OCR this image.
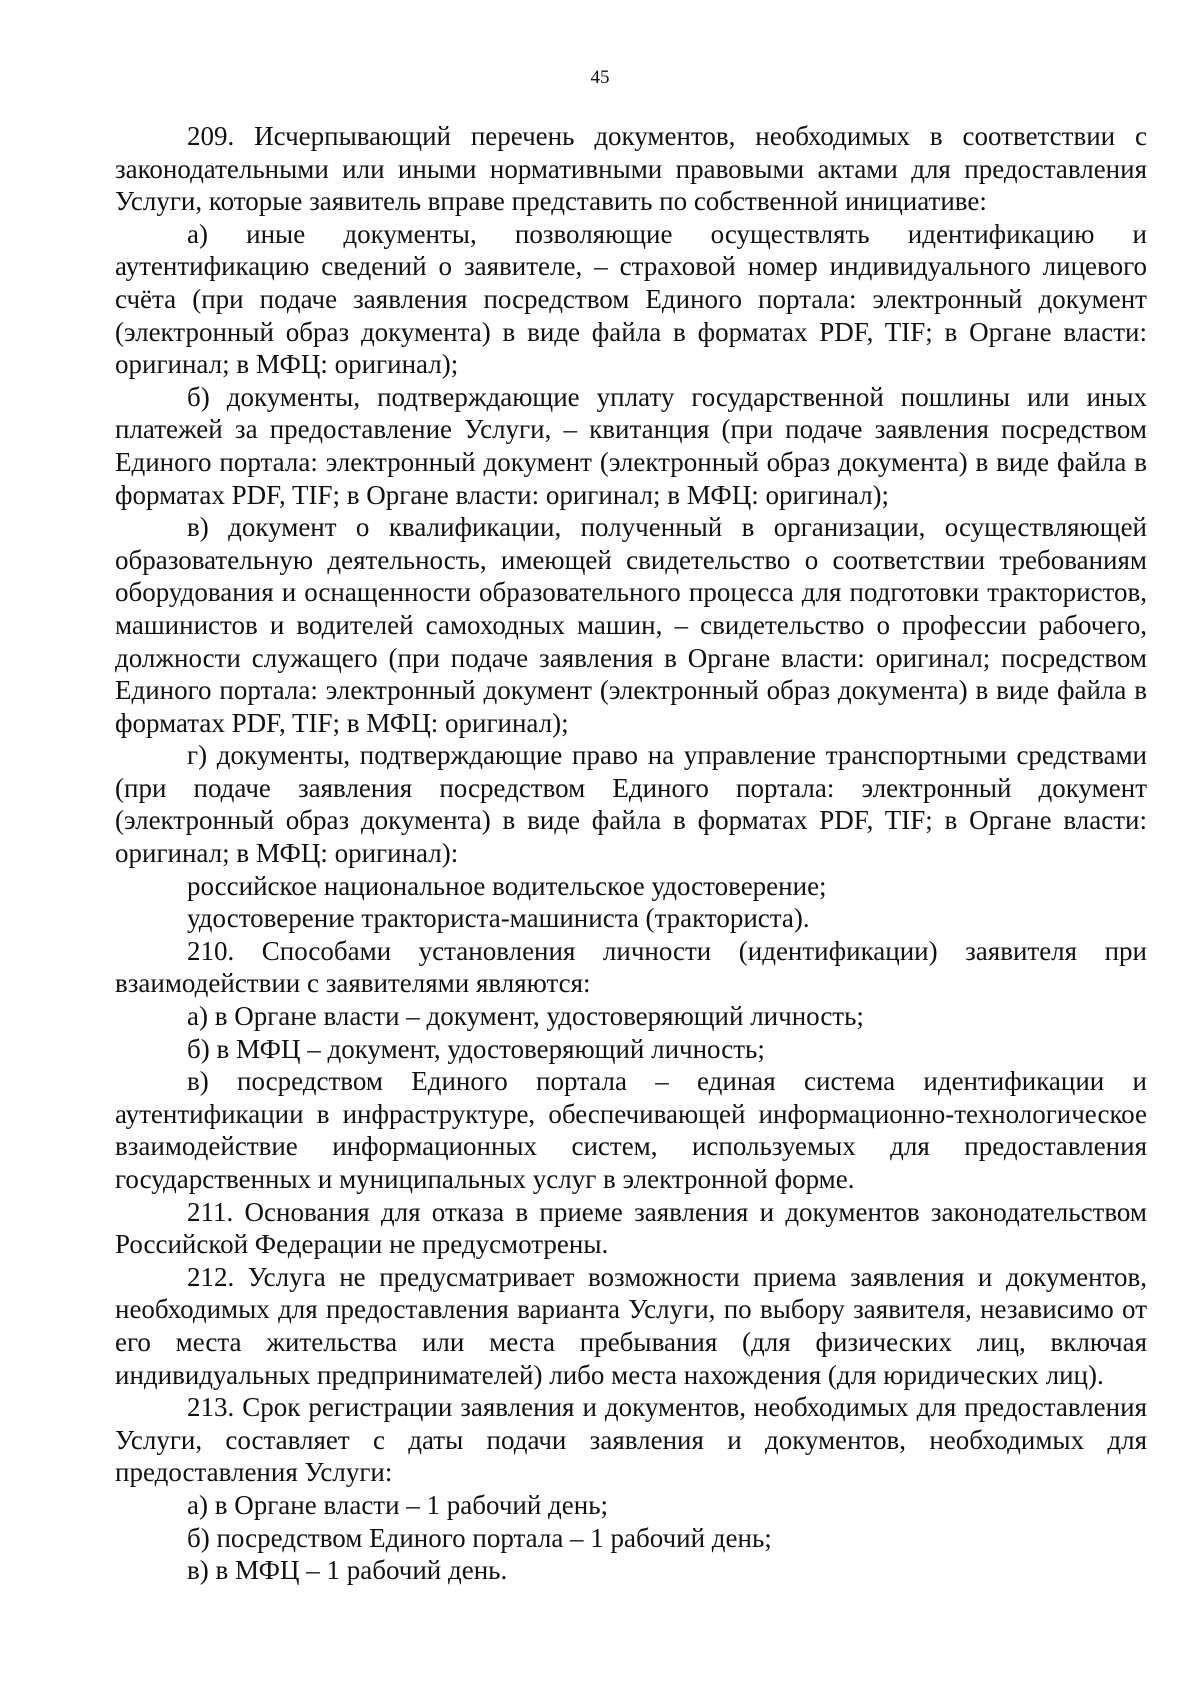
45

209. Исчерпывающий перечень документов, необходимых в соответствии с законодательными или иными нормативными правовыми актами для предоставления Услуги, которые заявитель вправе представить по собственной инициативе:

а) иные документы, позволяющие осуществлять идентификацию и аутентификацию сведений о заявителе, – страховой номер индивидуального лицевого счёта (при подаче заявления посредством Единого портала: электронный документ (электронный образ документа) в виде файла в форматах PDF, TIF; в Органе власти: оригинал; в МФЦ: оригинал);

б) документы, подтверждающие уплату государственной пошлины или иных платежей за предоставление Услуги, – квитанция (при подаче заявления посредством Единого портала: электронный документ (электронный образ документа) в виде файла в форматах PDF, TIF; в Органе власти: оригинал; в МФЦ: оригинал);

в) документ о квалификации, полученный в организации, осуществляющей образовательную деятельность, имеющей свидетельство о соответствии требованиям оборудования и оснащенности образовательного процесса для подготовки трактористов, машинистов и водителей самоходных машин, – свидетельство о профессии рабочего, должности служащего (при подаче заявления в Органе власти: оригинал; посредством Единого портала: электронный документ (электронный образ документа) в виде файла в форматах PDF, TIF; в МФЦ: оригинал);

г) документы, подтверждающие право на управление транспортными средствами (при подаче заявления посредством Единого портала: электронный документ (электронный образ документа) в виде файла в форматах PDF, TIF; в Органе власти: оригинал; в МФЦ: оригинал):

российское национальное водительское удостоверение;

удостоверение тракториста-машиниста (тракториста).

210. Способами установления личности (идентификации) заявителя при взаимодействии с заявителями являются:

а) в Органе власти – документ, удостоверяющий личность;

б) в МФЦ – документ, удостоверяющий личность;

в) посредством Единого портала – единая система идентификации и аутентификации в инфраструктуре, обеспечивающей информационно-технологическое взаимодействие информационных систем, используемых для предоставления государственных и муниципальных услуг в электронной форме.

211. Основания для отказа в приеме заявления и документов законодательством Российской Федерации не предусмотрены.

212. Услуга не предусматривает возможности приема заявления и документов, необходимых для предоставления варианта Услуги, по выбору заявителя, независимо от его места жительства или места пребывания (для физических лиц, включая индивидуальных предпринимателей) либо места нахождения (для юридических лиц).

213. Срок регистрации заявления и документов, необходимых для предоставления Услуги, составляет с даты подачи заявления и документов, необходимых для предоставления Услуги:

а) в Органе власти – 1 рабочий день;

б) посредством Единого портала – 1 рабочий день;

в) в МФЦ – 1 рабочий день.
